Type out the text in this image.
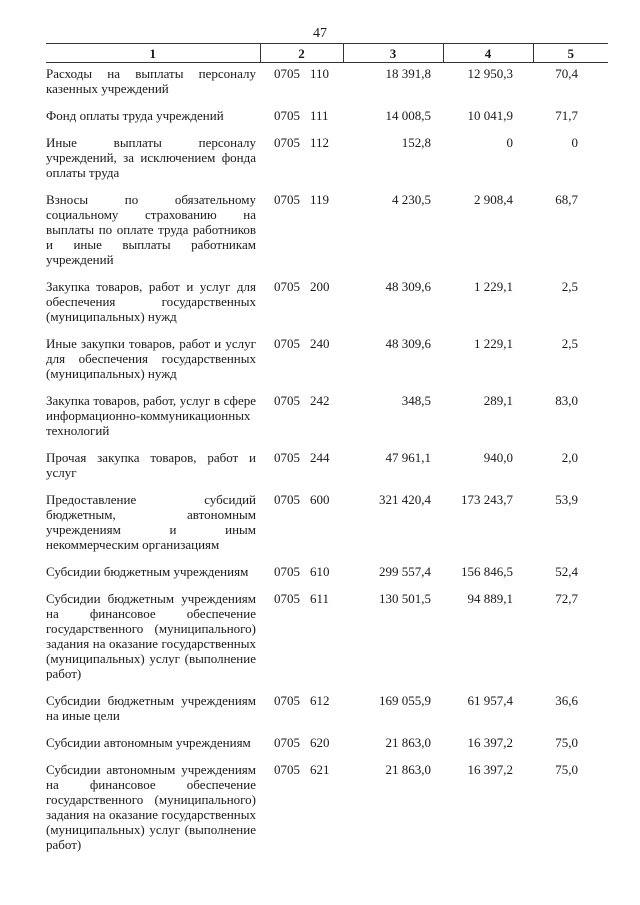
47
1	2	3	4	5
Расходы на выплаты персоналу казенных учреждений	0705 110	18 391,8	12 950,3	70,4
Фонд оплаты труда учреждений	0705 111	14 008,5	10 041,9	71,7
Иные выплаты персоналу учреждений, за исключением фонда оплаты труда	0705 112	152,8	0	0
Взносы по обязательному социальному страхованию на выплаты по оплате труда работников и иные выплаты работникам учреждений	0705 119	4 230,5	2 908,4	68,7
Закупка товаров, работ и услуг для обеспечения государственных (муниципальных) нужд	0705 200	48 309,6	1 229,1	2,5
Иные закупки товаров, работ и услуг для обеспечения государственных (муниципальных) нужд	0705 240	48 309,6	1 229,1	2,5
Закупка товаров, работ, услуг в сфере информационно-коммуникационных технологий	0705 242	348,5	289,1	83,0
Прочая закупка товаров, работ и услуг	0705 244	47 961,1	940,0	2,0
Предоставление субсидий бюджетным, автономным учреждениям и иным некоммерческим организациям	0705 600	321 420,4	173 243,7	53,9
Субсидии бюджетным учреждениям	0705 610	299 557,4	156 846,5	52,4
Субсидии бюджетным учреждениям на финансовое обеспечение государственного (муниципального) задания на оказание государственных (муниципальных) услуг (выполнение работ)	0705 611	130 501,5	94 889,1	72,7
Субсидии бюджетным учреждениям на иные цели	0705 612	169 055,9	61 957,4	36,6
Субсидии автономным учреждениям	0705 620	21 863,0	16 397,2	75,0
Субсидии автономным учреждениям на финансовое обеспечение государственного (муниципального) задания на оказание государственных (муниципальных) услуг (выполнение работ)	0705 621	21 863,0	16 397,2	75,0
